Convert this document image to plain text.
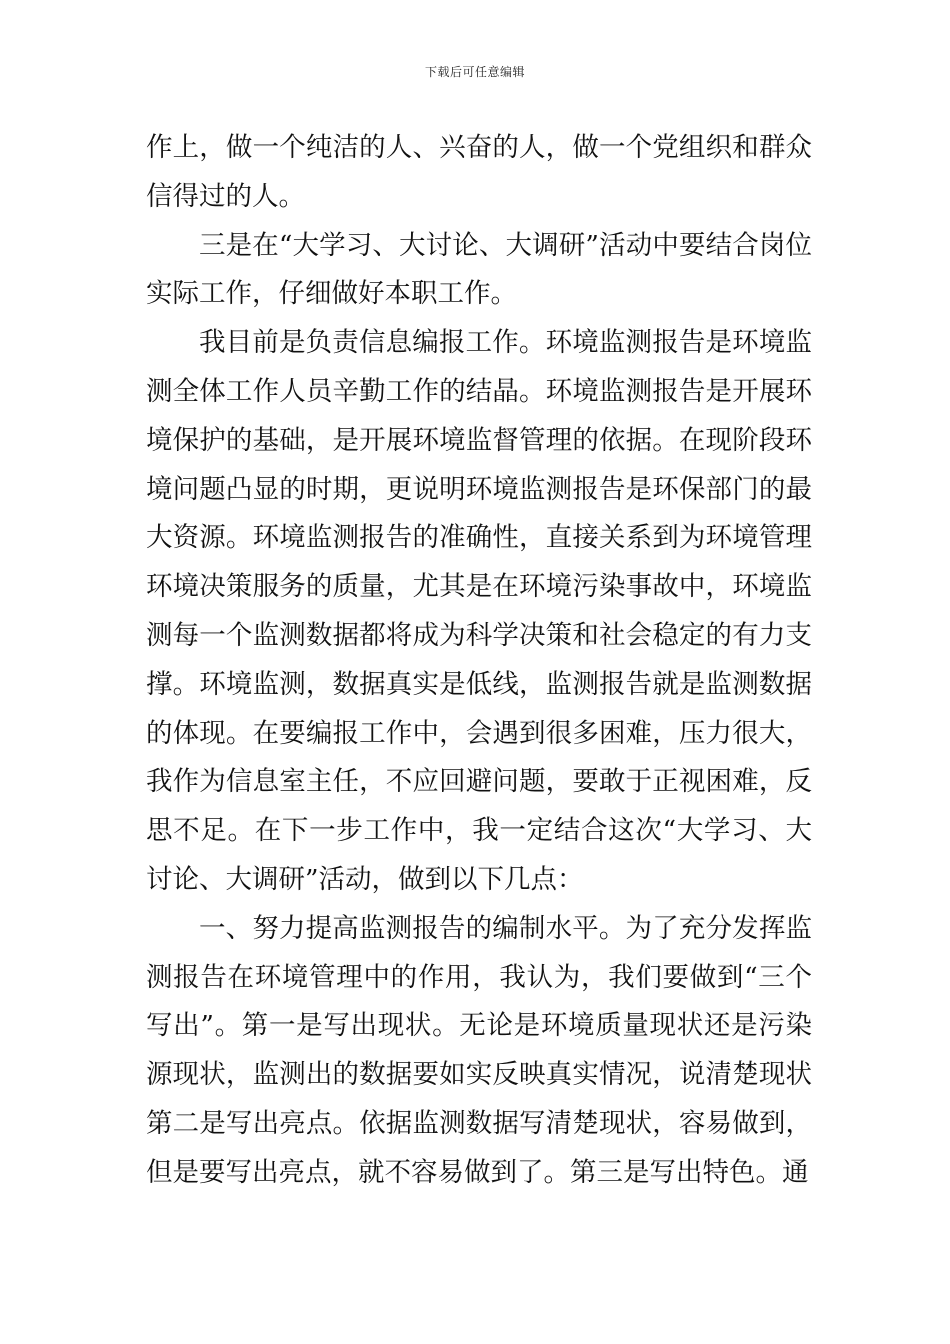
下载后可任意编辑

作上，做一个纯洁的人、兴奋的人，做一个党组织和群众信得过的人。

三是在“大学习、大讨论、大调研”活动中要结合岗位实际工作，仔细做好本职工作。

我目前是负责信息编报工作。环境监测报告是环境监测全体工作人员辛勤工作的结晶。环境监测报告是开展环境保护的基础，是开展环境监督管理的依据。在现阶段环境问题凸显的时期，更说明环境监测报告是环保部门的最大资源。环境监测报告的准确性，直接关系到为环境管理环境决策服务的质量，尤其是在环境污染事故中，环境监测每一个监测数据都将成为科学决策和社会稳定的有力支撑。环境监测，数据真实是低线，监测报告就是监测数据的体现。在要编报工作中，会遇到很多困难，压力很大，我作为信息室主任，不应回避问题，要敢于正视困难，反思不足。在下一步工作中，我一定结合这次“大学习、大讨论、大调研”活动，做到以下几点：

一、努力提高监测报告的编制水平。为了充分发挥监测报告在环境管理中的作用，我认为，我们要做到“三个写出”。第一是写出现状。无论是环境质量现状还是污染源现状，监测出的数据要如实反映真实情况，说清楚现状第二是写出亮点。依据监测数据写清楚现状，容易做到，但是要写出亮点，就不容易做到了。第三是写出特色。通
